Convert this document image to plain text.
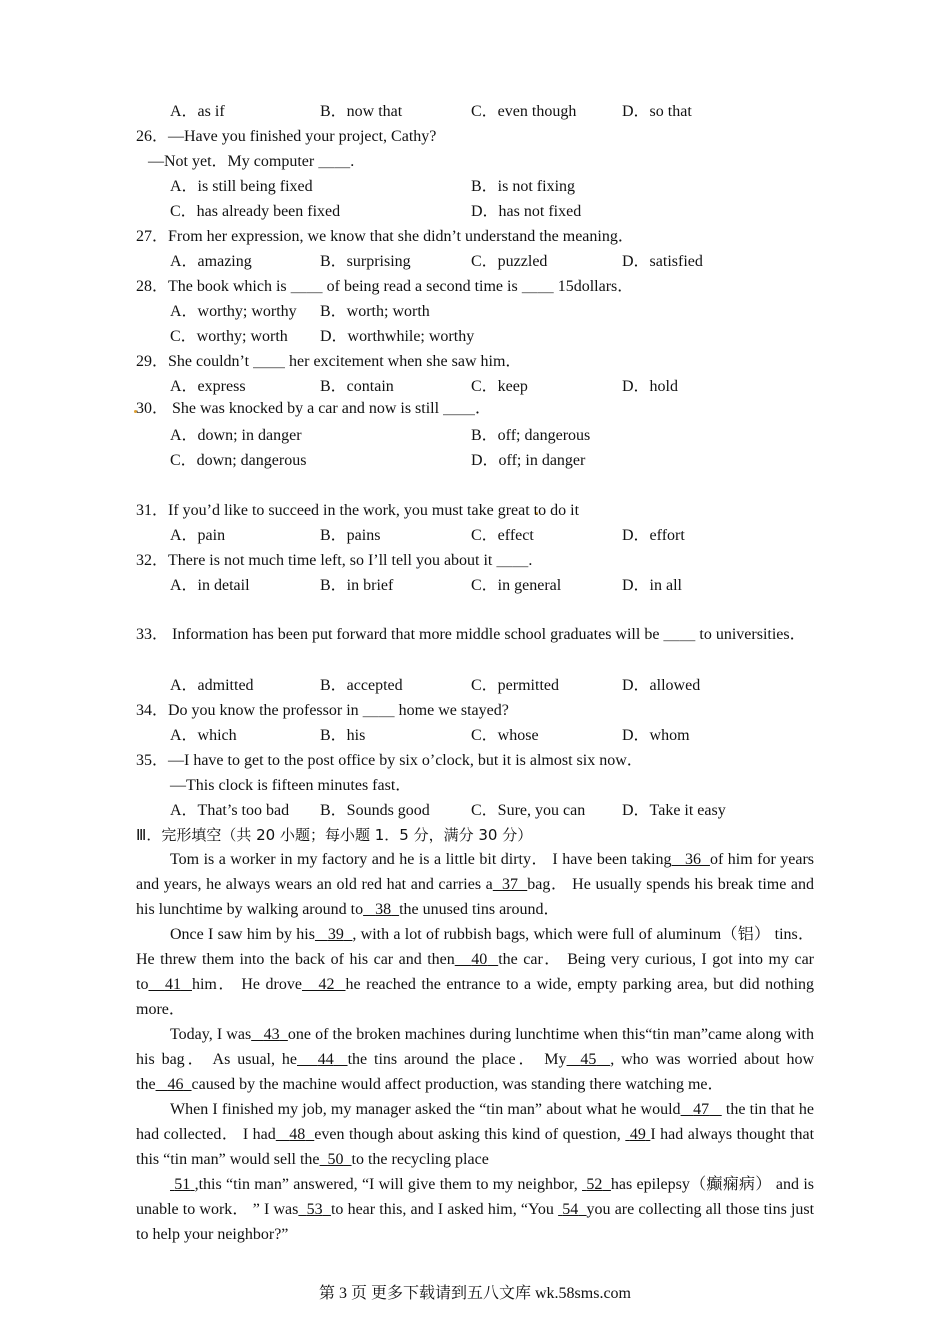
A．as if	B．now that	C．even though	D．so that
26．—Have you finished your project, Cathy?
—Not yet．My computer ＿＿.
A．is still being fixed	B．is not fixing
C．has already been fixed	D．has not fixed
27．From her expression, we know that she didn’t understand the meaning．
A．amazing	B．surprising	C．puzzled	D．satisfied
28．The book which is ＿＿ of being read a second time is ＿＿ 15dollars．
A．worthy; worthy B．worth; worth
C．worthy; worth D．worthwhile; worthy
29．She couldn’t ＿＿ her excitement when she saw him．
A．express	B．contain	C．keep	D．hold
30． She was knocked by a car and now is still ＿＿．
A．down; in danger	B．off; dangerous
C．down; dangerous	D．off; in danger
31．If you’d like to succeed in the work, you must take great to do it
A．pain	B．pains	C．effect	D．effort
32．There is not much time left, so I’ll tell you about it ＿＿.
A．in detail	B．in brief	C．in general	D．in all

33． Information has been put forward that more middle school graduates will be ＿＿ to universities．

A．admitted	B．accepted	C．permitted	D．allowed
34．Do you know the professor in ＿＿ home we stayed?
A．which	B．his	C．whose	D．whom
35．—I have to get to the post office by six o’clock, but it is almost six now．
—This clock is fifteen minutes fast．
A．That’s too bad B．Sounds good	C．Sure, you can D．Take it easy
Ⅲ．完形填空（共 20 小题；每小题 1．5 分，满分 30 分）

Tom is a worker in my factory and he is a little bit dirty． I have been taking 36 of him for years and years, he always wears an old red hat and carries a 37 bag． He usually spends his break time and his lunchtime by walking around to 38 the unused tins around．

Once I saw him by his 39 , with a lot of rubbish bags, which were full of aluminum（铝） tins． He threw them into the back of his car and then 40 the car． Being very curious, I got into my car to 41 him． He drove 42 he reached the entrance to a wide, empty parking area, but did nothing more．

Today, I was 43 one of the broken machines during lunchtime when this“tin man”came along with his bag． As usual, he 44 the tins around the place． My 45 , who was worried about how the 46 caused by the machine would affect production, was standing there watching me．

When I finished my job, my manager asked the “tin man” about what he would 47 the tin that he had collected． I had 48 even though about asking this kind of question, 49 I had always thought that this “tin man” would sell the 50 to the recycling place

51 ,this “tin man” answered, “I will give them to my neighbor, 52 has epilepsy（癫痫病） and is unable to work． ” I was 53 to hear this, and I asked him, “You 54 you are collecting all those tins just to help your neighbor?”

第 3 页 更多下载请到五八文库 wk.58sms.com
